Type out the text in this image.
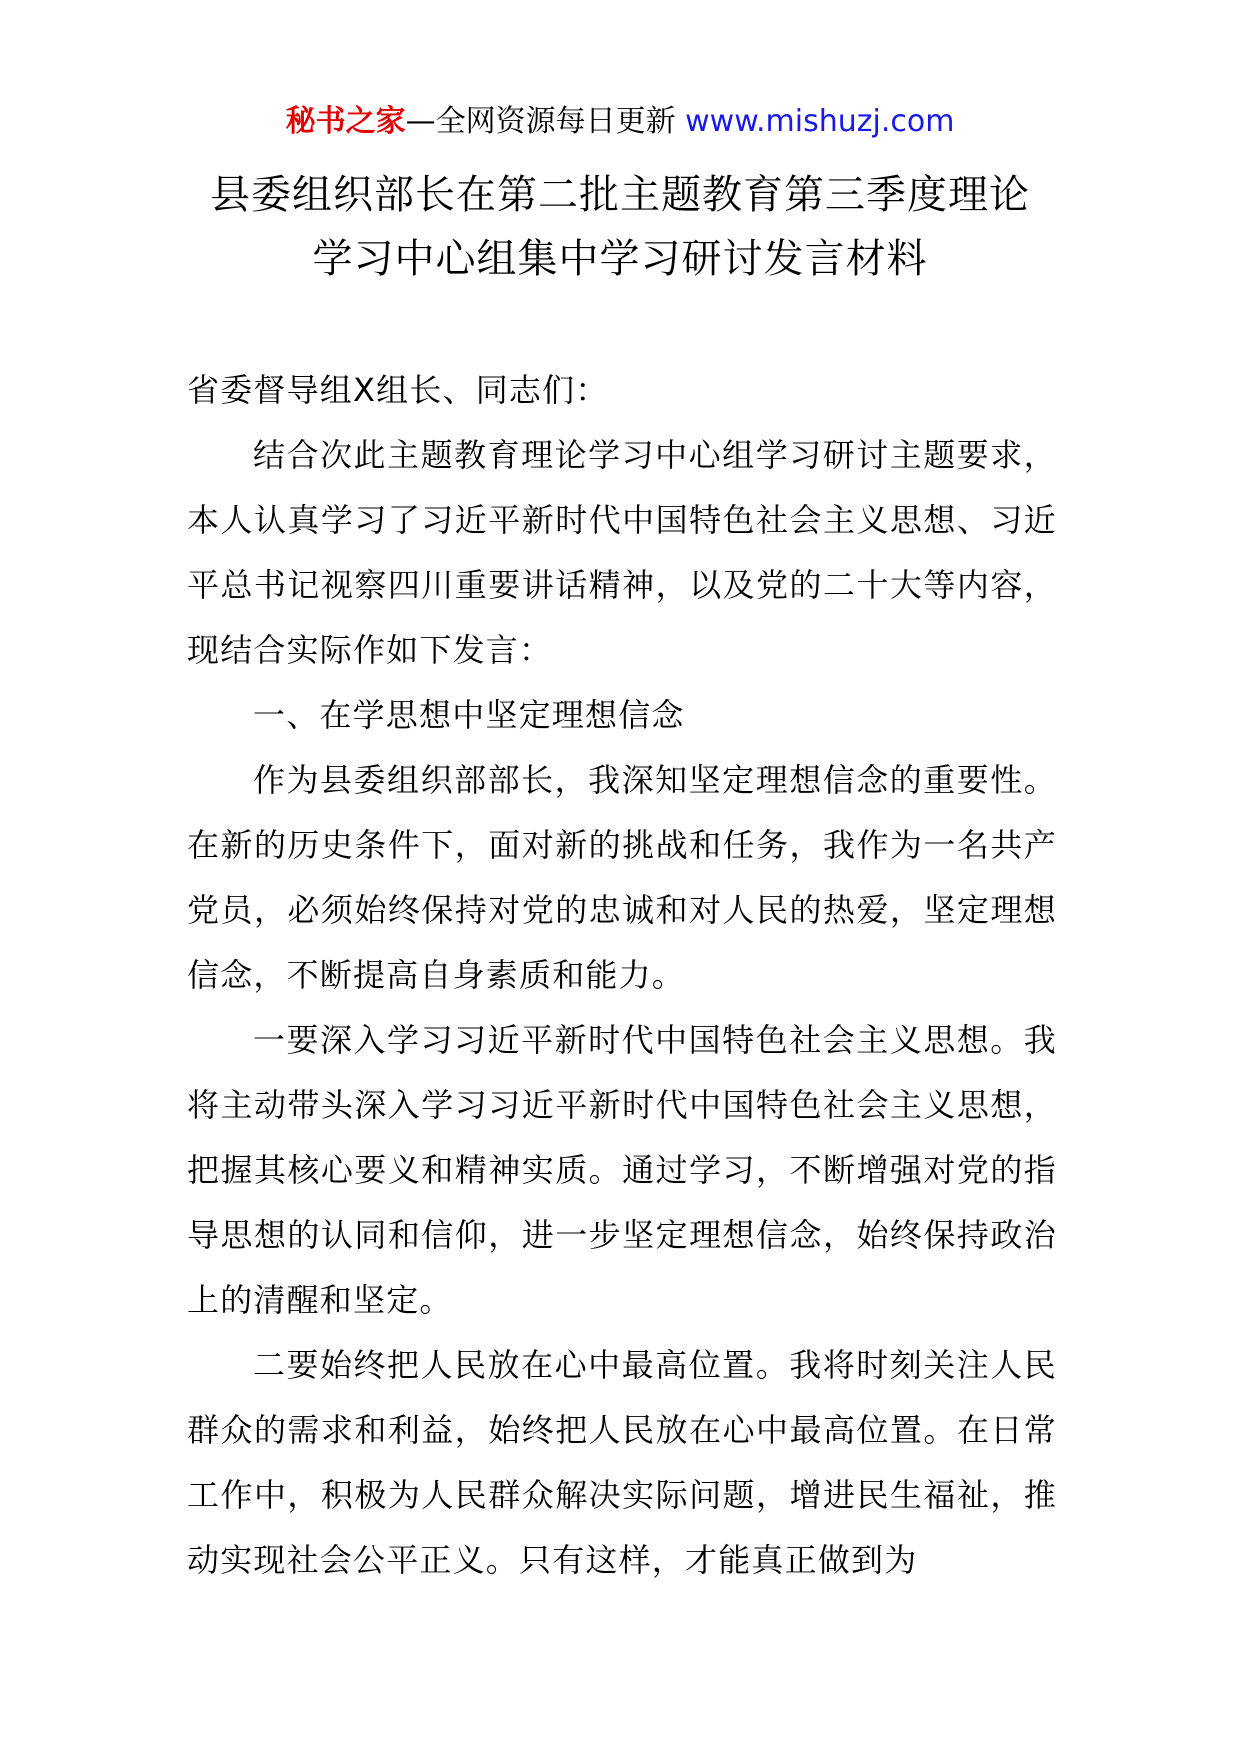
秘书之家—全网资源每日更新 www.mishuzj.com
县委组织部长在第二批主题教育第三季度理论
学习中心组集中学习研讨发言材料

省委督导组X组长、同志们：

结合次此主题教育理论学习中心组学习研讨主题要求，本人认真学习了习近平新时代中国特色社会主义思想、习近平总书记视察四川重要讲话精神，以及党的二十大等内容，现结合实际作如下发言：

一、在学思想中坚定理想信念

作为县委组织部部长，我深知坚定理想信念的重要性。在新的历史条件下，面对新的挑战和任务，我作为一名共产党员，必须始终保持对党的忠诚和对人民的热爱，坚定理想信念，不断提高自身素质和能力。

一要深入学习习近平新时代中国特色社会主义思想。我将主动带头深入学习习近平新时代中国特色社会主义思想，把握其核心要义和精神实质。通过学习，不断增强对党的指导思想的认同和信仰，进一步坚定理想信念，始终保持政治上的清醒和坚定。

二要始终把人民放在心中最高位置。我将时刻关注人民群众的需求和利益，始终把人民放在心中最高位置。在日常工作中，积极为人民群众解决实际问题，增进民生福祉，推动实现社会公平正义。只有这样，才能真正做到为
